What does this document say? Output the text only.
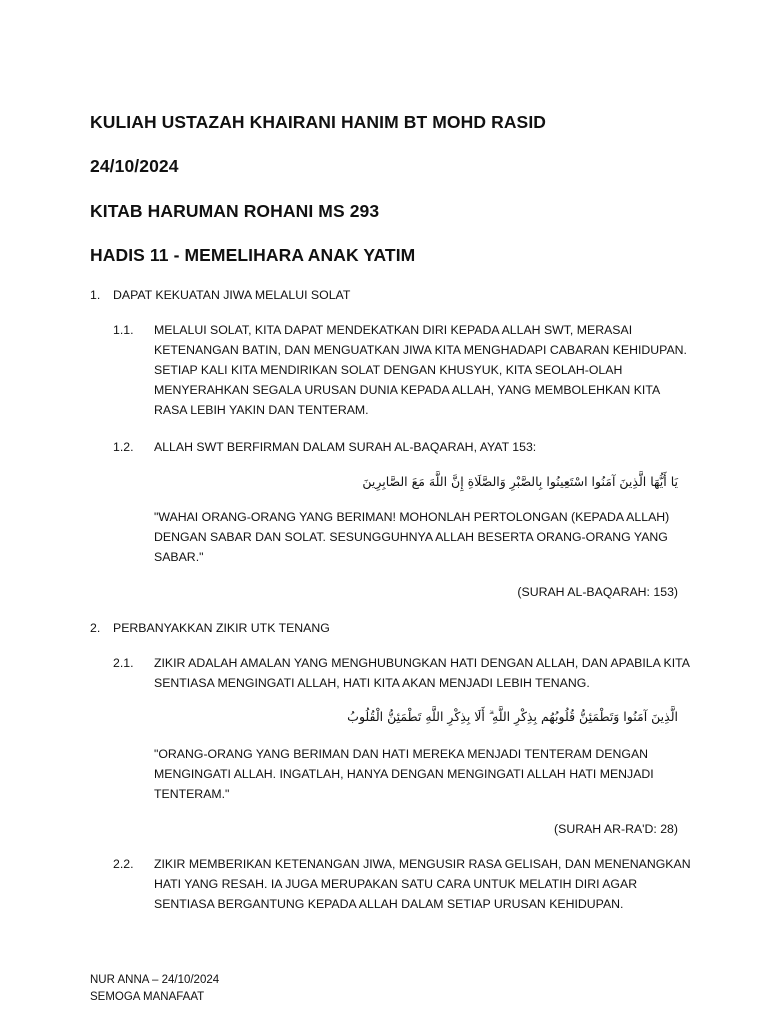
KULIAH USTAZAH KHAIRANI HANIM BT MOHD RASID
24/10/2024
KITAB HARUMAN ROHANI MS 293
HADIS 11 - MEMELIHARA ANAK YATIM
1. DAPAT KEKUATAN JIWA MELALUI SOLAT
1.1. MELALUI SOLAT, KITA DAPAT MENDEKATKAN DIRI KEPADA ALLAH SWT, MERASAI KETENANGAN BATIN, DAN MENGUATKAN JIWA KITA MENGHADAPI CABARAN KEHIDUPAN. SETIAP KALI KITA MENDIRIKAN SOLAT DENGAN KHUSYUK, KITA SEOLAH-OLAH MENYERAHKAN SEGALA URUSAN DUNIA KEPADA ALLAH, YANG MEMBOLEHKAN KITA RASA LEBIH YAKIN DAN TENTERAM.
1.2. ALLAH SWT BERFIRMAN DALAM SURAH AL-BAQARAH, AYAT 153:
يَا أَيُّهَا الَّذِينَ آمَنُوا اسْتَعِينُوا بِالصَّبْرِ وَالصَّلَاةِ إِنَّ اللَّهَ مَعَ الصَّابِرِينَ
"WAHAI ORANG-ORANG YANG BERIMAN! MOHONLAH PERTOLONGAN (KEPADA ALLAH) DENGAN SABAR DAN SOLAT. SESUNGGUHNYA ALLAH BESERTA ORANG-ORANG YANG SABAR."
(SURAH AL-BAQARAH: 153)
2. PERBANYAKKAN ZIKIR UTK TENANG
2.1. ZIKIR ADALAH AMALAN YANG MENGHUBUNGKAN HATI DENGAN ALLAH, DAN APABILA KITA SENTIASA MENGINGATI ALLAH, HATI KITA AKAN MENJADI LEBIH TENANG.
الَّذِينَ آمَنُوا وَتَطْمَئِنُّ قُلُوبُهُم بِذِكْرِ اللَّهِ ۗ أَلَا بِذِكْرِ اللَّهِ تَطْمَئِنُّ الْقُلُوبُ
"ORANG-ORANG YANG BERIMAN DAN HATI MEREKA MENJADI TENTERAM DENGAN MENGINGATI ALLAH. INGATLAH, HANYA DENGAN MENGINGATI ALLAH HATI MENJADI TENTERAM."
(SURAH AR-RA'D: 28)
2.2. ZIKIR MEMBERIKAN KETENANGAN JIWA, MENGUSIR RASA GELISAH, DAN MENENANGKAN HATI YANG RESAH. IA JUGA MERUPAKAN SATU CARA UNTUK MELATIH DIRI AGAR SENTIASA BERGANTUNG KEPADA ALLAH DALAM SETIAP URUSAN KEHIDUPAN.
NUR ANNA – 24/10/2024
SEMOGA MANAFAAT
